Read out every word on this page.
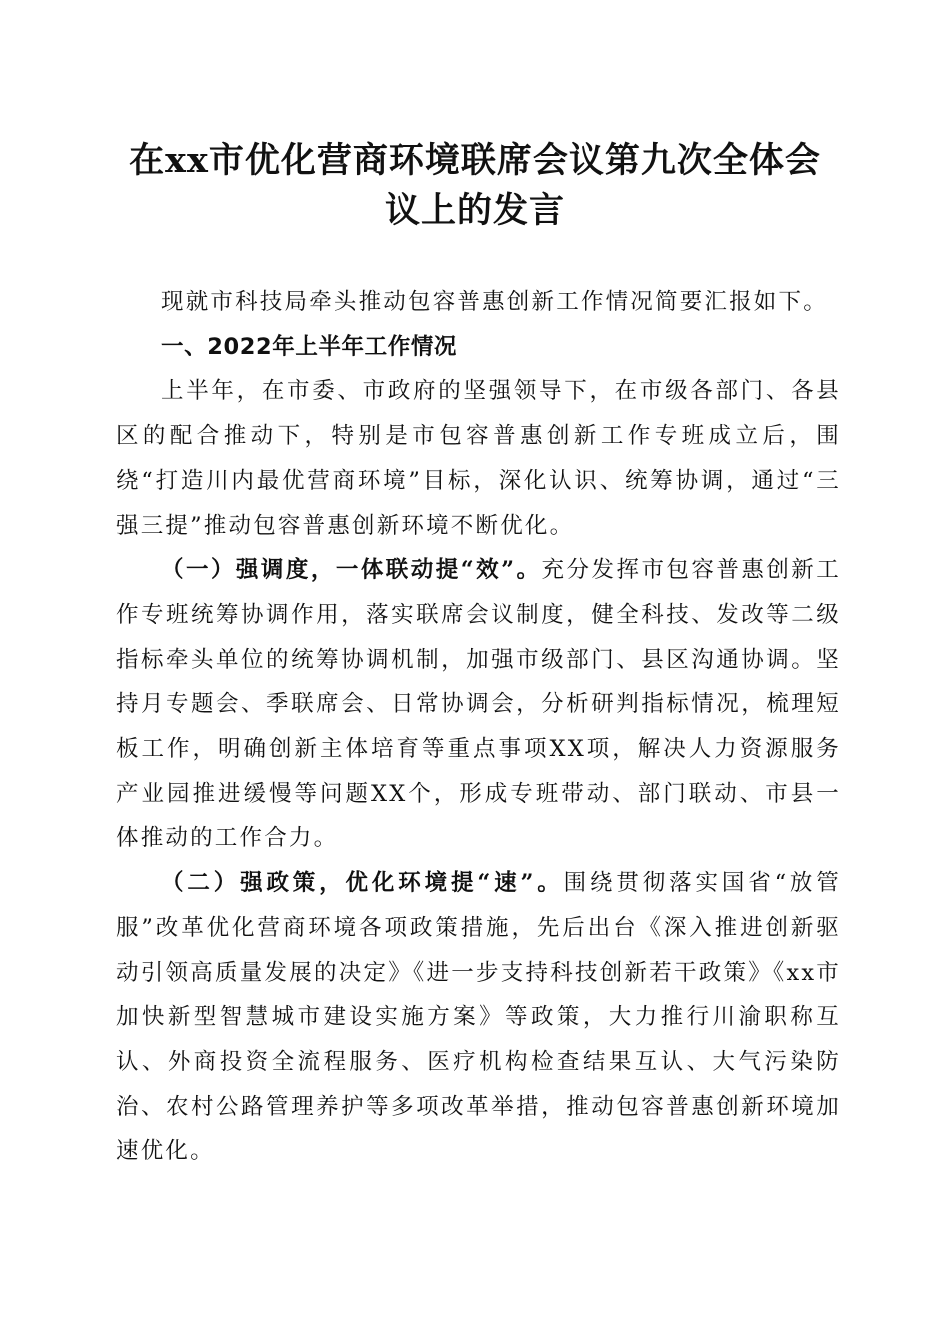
在xx市优化营商环境联席会议第九次全体会
议上的发言

现就市科技局牵头推动包容普惠创新工作情况简要汇报如下。

一、2022年上半年工作情况

上半年，在市委、市政府的坚强领导下，在市级各部门、各县区的配合推动下，特别是市包容普惠创新工作专班成立后，围绕“打造川内最优营商环境”目标，深化认识、统筹协调，通过“三强三提”推动包容普惠创新环境不断优化。

（一）强调度，一体联动提“效”。充分发挥市包容普惠创新工作专班统筹协调作用，落实联席会议制度，健全科技、发改等二级指标牵头单位的统筹协调机制，加强市级部门、县区沟通协调。坚持月专题会、季联席会、日常协调会，分析研判指标情况，梳理短板工作，明确创新主体培育等重点事项XX项，解决人力资源服务产业园推进缓慢等问题XX个，形成专班带动、部门联动、市县一体推动的工作合力。

（二）强政策，优化环境提“速”。围绕贯彻落实国省“放管服”改革优化营商环境各项政策措施，先后出台《深入推进创新驱动引领高质量发展的决定》《进一步支持科技创新若干政策》《xx市加快新型智慧城市建设实施方案》等政策，大力推行川渝职称互认、外商投资全流程服务、医疗机构检查结果互认、大气污染防治、农村公路管理养护等多项改革举措，推动包容普惠创新环境加速优化。
